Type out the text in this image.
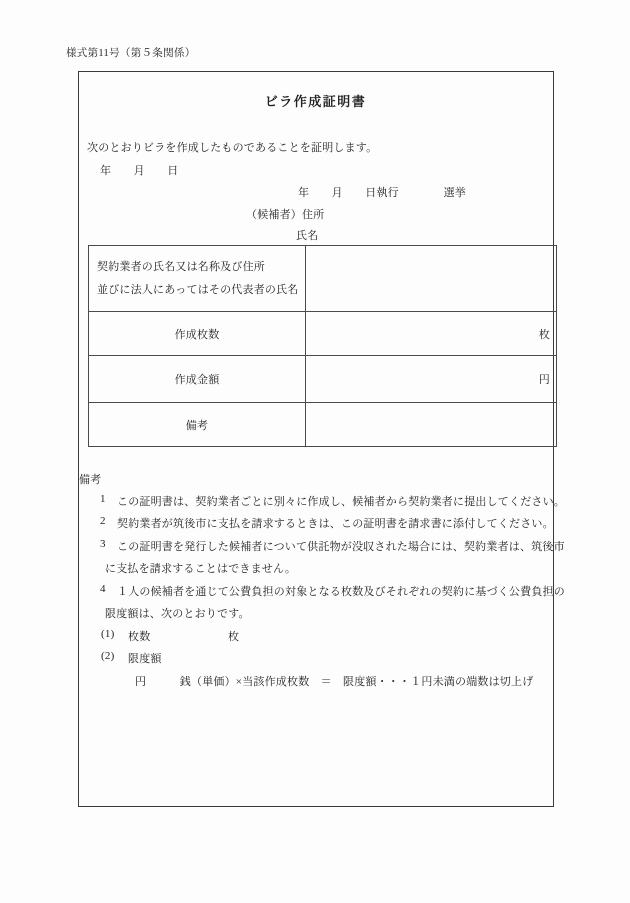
様式第11号（第５条関係）
ビラ作成証明書
次のとおりビラを作成したものであることを証明します。
年　　月　　日
年　　月　　日執行　　　　選挙
（候補者）住所
氏名
契約業者の氏名又は名称及び住所
並びに法人にあってはその代表者の氏名	

作成枚数	枚
作成金額	円
備考	
備考
1 この証明書は、契約業者ごとに別々に作成し、候補者から契約業者に提出してください。
2 契約業者が筑後市に支払を請求するときは、この証明書を請求書に添付してください。
3 この証明書を発行した候補者について供託物が没収された場合には、契約業者は、筑後市
に支払を請求することはできません。
4 １人の候補者を通じて公費負担の対象となる枚数及びそれぞれの契約に基づく公費負担の
限度額は、次のとおりです。
(1) 枚数	枚
(2) 限度額
円　　　銭（単価）×当該作成枚数　＝　限度額・・・１円未満の端数は切上げ
